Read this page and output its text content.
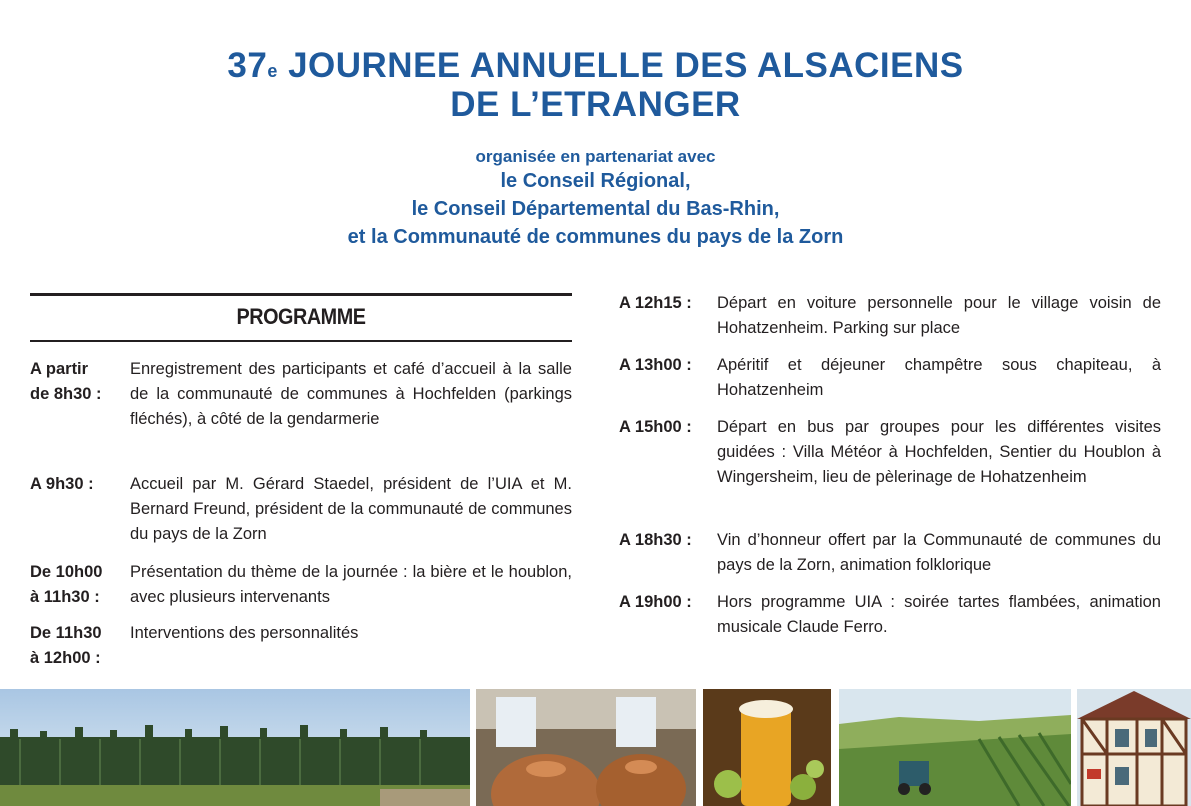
37e JOURNEE ANNUELLE DES ALSACIENS
DE L’ETRANGER
organisée en partenariat avec
le Conseil Régional,
le Conseil Départemental du Bas-Rhin,
et la Communauté de communes du pays de la Zorn
PROGRAMME
A partir
de 8h30 :
Enregistrement des participants et café d’accueil à la salle de la communauté de communes à Hochfelden (parkings fléchés), à côté de la gendarmerie
A 9h30 : Accueil par M. Gérard Staedel, président de l’UIA et M. Bernard Freund, président de la communauté de communes du pays de la Zorn
De 10h00
à 11h30 :
Présentation du thème de la journée : la bière et le houblon, avec plusieurs intervenants
De 11h30
à 12h00 :
Interventions des personnalités
A 12h15 : Départ en voiture personnelle pour le village voisin de Hohatzenheim. Parking sur place
A 13h00 : Apéritif et déjeuner champêtre sous chapiteau, à Hohatzenheim
A 15h00 : Départ en bus par groupes pour les différentes visites guidées : Villa Météor à Hochfelden, Sentier du Houblon à Wingersheim, lieu de pèlerinage de Hohatzenheim
A 18h30 : Vin d’honneur offert par la Communauté de communes du pays de la Zorn, animation folklorique
A 19h00 : Hors programme UIA : soirée tartes flambées, animation musicale Claude Ferro.
